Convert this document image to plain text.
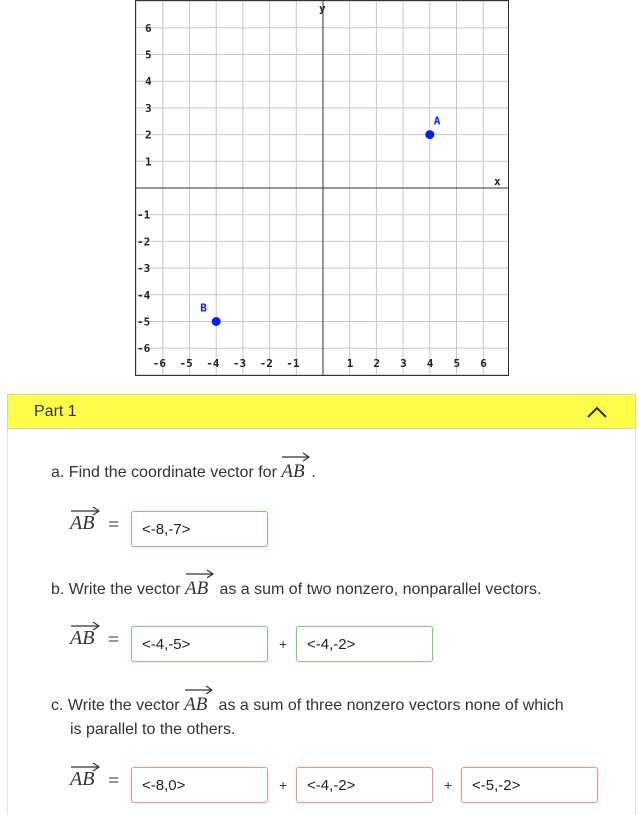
y
x
-6 -5 -4 -3 -2 -1	1 2 3 4 5 6
6
5
4
3
2
1
-1
-2
-3
-4
-5
-6
A
B
Part 1
a. Find the coordinate vector for AB .
AB =	<-8,-7>
b. Write the vector AB as a sum of two nonzero, nonparallel vectors.
AB =	<-4,-5>	+	<-4,-2>
c. Write the vector AB as a sum of three nonzero vectors none of which
is parallel to the others.
AB =	<-8,0>	+	<-4,-2>	+	<-5,-2>
